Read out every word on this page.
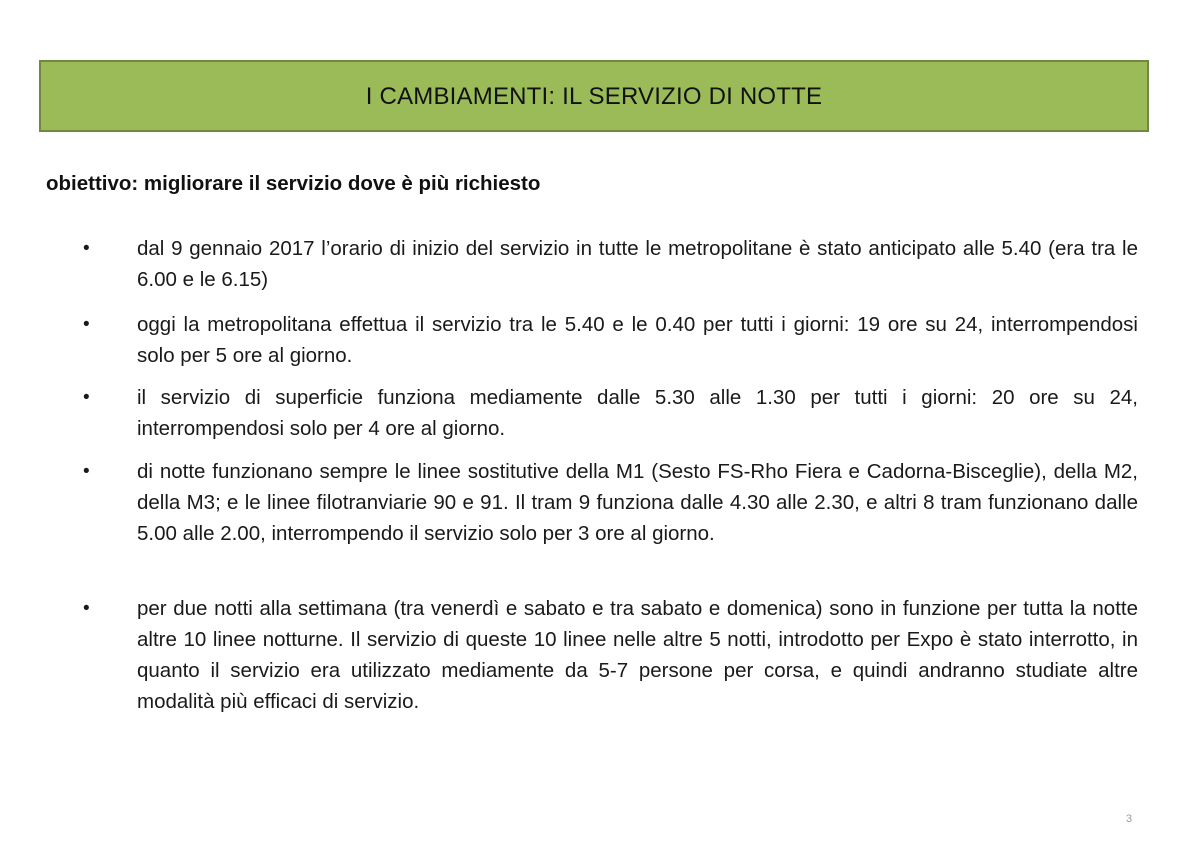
I CAMBIAMENTI: IL SERVIZIO DI NOTTE
obiettivo: migliorare il servizio dove è più richiesto
• dal 9 gennaio 2017 l’orario di inizio del servizio in tutte le metropolitane è stato anticipato alle 5.40 (era tra le 6.00 e le 6.15)

• oggi la metropolitana effettua il servizio tra le 5.40 e le 0.40 per tutti i giorni: 19 ore su 24, interrompendosi solo per 5 ore al giorno.

• il servizio di superficie funziona mediamente dalle 5.30 alle 1.30 per tutti i giorni: 20 ore su 24, interrompendosi solo per 4 ore al giorno.

• di notte funzionano sempre le linee sostitutive della M1 (Sesto FS-Rho Fiera e Cadorna-Bisceglie), della M2, della M3; e le linee filotranviarie 90 e 91. Il tram 9 funziona dalle 4.30 alle 2.30, e altri 8 tram funzionano dalle 5.00 alle 2.00, interrompendo il servizio solo per 3 ore al giorno.

• per due notti alla settimana (tra venerdì e sabato e tra sabato e domenica) sono in funzione per tutta la notte altre 10 linee notturne. Il servizio di queste 10 linee nelle altre 5 notti, introdotto per Expo è stato interrotto, in quanto il servizio era utilizzato mediamente da 5-7 persone per corsa, e quindi andranno studiate altre modalità più efficaci di servizio.

3
